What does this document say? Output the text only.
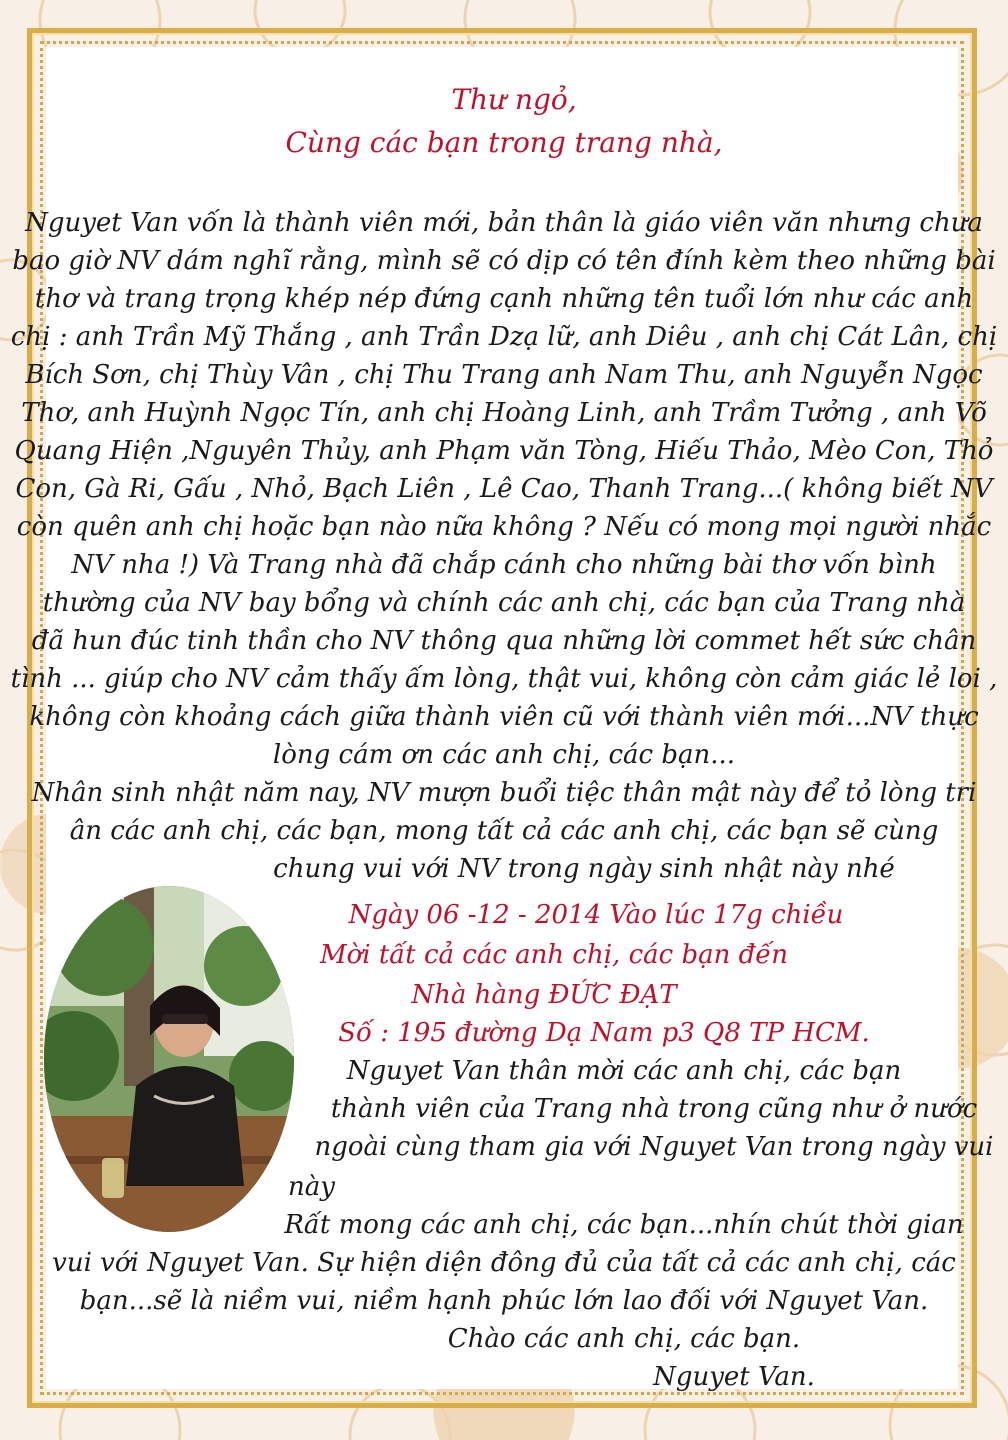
Thư ngỏ,
Cùng các bạn trong trang nhà,
Nguyet Van vốn là thành viên mới, bản thân là giáo viên văn nhưng chưa
bao giờ NV dám nghĩ rằng, mình sẽ có dịp có tên đính kèm theo những bài
thơ và trang trọng khép nép đứng cạnh những tên tuổi lớn như các anh
chị : anh Trần Mỹ Thắng , anh Trần Dzạ lữ, anh Diêu , anh chị Cát Lân, chị
Bích Sơn, chị Thùy Vân , chị Thu Trang anh Nam Thu, anh Nguyễn Ngọc
Thơ, anh Huỳnh Ngọc Tín, anh chị Hoàng Linh, anh Trầm Tưởng , anh Võ
Quang Hiện ,Nguyên Thủy, anh Phạm văn Tòng, Hiếu Thảo, Mèo Con, Thỏ
Con, Gà Ri, Gấu , Nhỏ, Bạch Liên , Lê Cao, Thanh Trang...( không biết NV
còn quên anh chị hoặc bạn nào nữa không ? Nếu có mong mọi người nhắc
NV nha !) Và Trang nhà đã chắp cánh cho những bài thơ vốn bình
thường của NV bay bổng và chính các anh chị, các bạn của Trang nhà
đã hun đúc tinh thần cho NV thông qua những lời commet hết sức chân
tình ... giúp cho NV cảm thấy ấm lòng, thật vui, không còn cảm giác lẻ loi ,
không còn khoảng cách giữa thành viên cũ với thành viên mới...NV thực
lòng cám ơn các anh chị, các bạn...
Nhân sinh nhật năm nay, NV mượn buổi tiệc thân mật này để tỏ lòng tri
ân các anh chị, các bạn, mong tất cả các anh chị, các bạn sẽ cùng
chung vui với NV trong ngày sinh nhật này nhé
Ngày 06 -12 - 2014 Vào lúc 17g chiều
Mời tất cả các anh chị, các bạn đến
Nhà hàng ĐỨC ĐẠT
Số : 195 đường Dạ Nam p3 Q8 TP HCM.
Nguyet Van thân mời các anh chị, các bạn
thành viên của Trang nhà trong cũng như ở nước
ngoài cùng tham gia với Nguyet Van trong ngày vui
này
Rất mong các anh chị, các bạn...nhín chút thời gian
vui với Nguyet Van. Sự hiện diện đông đủ của tất cả các anh chị, các
bạn...sẽ là niềm vui, niềm hạnh phúc lớn lao đối với Nguyet Van.
Chào các anh chị, các bạn.
Nguyet Van.
